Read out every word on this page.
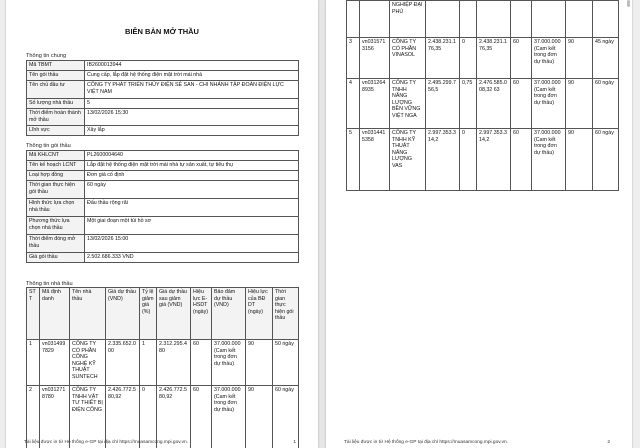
BIÊN BẢN MỞ THẦU
Thông tin chung
Mã TBMT	IB2600013944
Tên gói thầu	Cung cấp, lắp đặt hệ thống điện mặt trời mái nhà
Tên chủ đầu tư	CÔNG TY PHÁT TRIỂN THỦY ĐIỆN SÊ SAN - CHI NHÁNH TẬP ĐOÀN ĐIỆN LỰC VIỆT NAM
Số lượng nhà thầu	5
Thời điểm hoàn thành mở thầu	13/02/2026 15:30
Lĩnh vực	Xây lắp
Thông tin gói thầu
Mã KHLCNT	PL2600004640
Tên kế hoạch LCNT	Lắp đặt hệ thống điện mặt trời mái nhà tự sản xuất, tự tiêu thụ
Loại hợp đồng	Đơn giá cố định
Thời gian thực hiện gói thầu	60 ngày
Hình thức lựa chọn nhà thầu	Đấu thầu rộng rãi
Phương thức lựa chọn nhà thầu	Một giai đoạn một túi hồ sơ
Thời điểm đóng mở thầu	13/02/2026 15:00
Giá gói thầu	2.502.686.333 VND
Thông tin nhà thầu
STT	Mã định danh	Tên nhà thầu	Giá dự thầu (VND)	Tỷ lệ giảm giá (%)	Giá dự thầu sau giảm giá (VND)	Hiệu lực E-HSDT (ngày)	Bảo đảm dự thầu (VND)	Hiệu lực của BĐ DT (ngày)	Thời gian thực hiện gói thầu
1	vn0314997829	CÔNG TY CỔ PHẦN CÔNG NGHỆ KỸ THUẬT SUNTECH	2.335.652.000	1	2.312.295.480	60	37.000.000 (Cam kết trong đơn dự thầu)	90	50 ngày
2	vn0312718780	CÔNG TY TNHH VẬT TƯ THIẾT BỊ ĐIỆN CÔNG	2.426.772.580,92	0	2.426.772.580,92	60	37.000.000 (Cam kết trong đơn dự thầu)	90	60 ngày
Tài liệu được in từ Hệ thống e-GP tại địa chỉ https://muasamcong.mpi.gov.vn.	1
		NGHIỆP ĐẠI PHÚ							
3	vn0315713156	CÔNG TY CỔ PHẦN VINASOL	2.438.231.176,35	0	2.438.231.176,35	60	37.000.000 (Cam kết trong đơn dự thầu)	90	45 ngày
4	vn0312648935	CÔNG TY TNHH NĂNG LƯỢNG BỀN VỮNG VIỆT NGA	2.495.299.756,5	0,75	2.476.585.008,32 63	60	37.000.000 (Cam kết trong đơn dự thầu)	90	60 ngày
5	vn0314415358	CÔNG TY TNHH KỸ THUẬT NĂNG LƯỢNG VAS	2.997.353.314,2	0	2.997.353.314,2	60	37.000.000 (Cam kết trong đơn dự thầu)	90	60 ngày
Tài liệu được in từ Hệ thống e-GP tại địa chỉ https://muasamcong.mpi.gov.vn.	2
